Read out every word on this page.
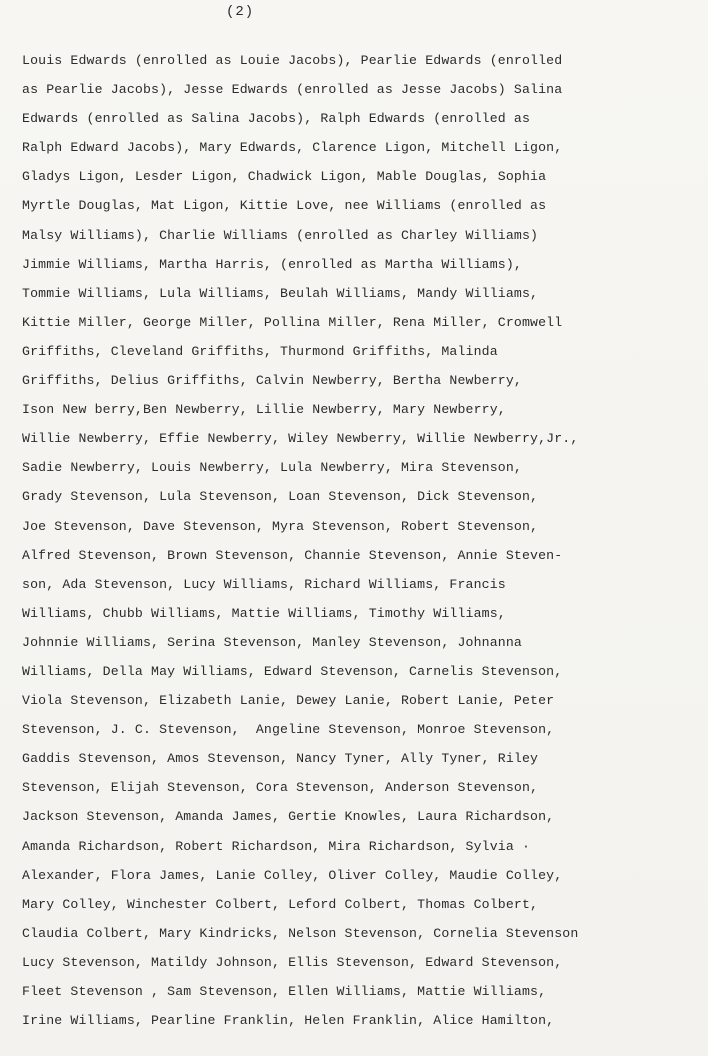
(2)
Louis Edwards (enrolled as Louie Jacobs), Pearlie Edwards (enrolled
as Pearlie Jacobs), Jesse Edwards (enrolled as Jesse Jacobs) Salina
Edwards (enrolled as Salina Jacobs), Ralph Edwards (enrolled as
Ralph Edward Jacobs), Mary Edwards, Clarence Ligon, Mitchell Ligon,
Gladys Ligon, Lesder Ligon, Chadwick Ligon, Mable Douglas, Sophia
Myrtle Douglas, Mat Ligon, Kittie Love, nee Williams (enrolled as
Malsy Williams), Charlie Williams (enrolled as Charley Williams)
Jimmie Williams, Martha Harris, (enrolled as Martha Williams),
Tommie Williams, Lula Williams, Beulah Williams, Mandy Williams,
Kittie Miller, George Miller, Pollina Miller, Rena Miller, Cromwell
Griffiths, Cleveland Griffiths, Thurmond Griffiths, Malinda
Griffiths, Delius Griffiths, Calvin Newberry, Bertha Newberry,
Ison New berry,Ben Newberry, Lillie Newberry, Mary Newberry,
Willie Newberry, Effie Newberry, Wiley Newberry, Willie Newberry,Jr.,
Sadie Newberry, Louis Newberry, Lula Newberry, Mira Stevenson,
Grady Stevenson, Lula Stevenson, Loan Stevenson, Dick Stevenson,
Joe Stevenson, Dave Stevenson, Myra Stevenson, Robert Stevenson,
Alfred Stevenson, Brown Stevenson, Channie Stevenson, Annie Steven-
son, Ada Stevenson, Lucy Williams, Richard Williams, Francis
Williams, Chubb Williams, Mattie Williams, Timothy Williams,
Johnnie Williams, Serina Stevenson, Manley Stevenson, Johnanna
Williams, Della May Williams, Edward Stevenson, Carnelis Stevenson,
Viola Stevenson, Elizabeth Lanie, Dewey Lanie, Robert Lanie, Peter
Stevenson, J. C. Stevenson,  Angeline Stevenson, Monroe Stevenson,
Gaddis Stevenson, Amos Stevenson, Nancy Tyner, Ally Tyner, Riley
Stevenson, Elijah Stevenson, Cora Stevenson, Anderson Stevenson,
Jackson Stevenson, Amanda James, Gertie Knowles, Laura Richardson,
Amanda Richardson, Robert Richardson, Mira Richardson, Sylvia ·
Alexander, Flora James, Lanie Colley, Oliver Colley, Maudie Colley,
Mary Colley, Winchester Colbert, Leford Colbert, Thomas Colbert,
Claudia Colbert, Mary Kindricks, Nelson Stevenson, Cornelia Stevenson
Lucy Stevenson, Matildy Johnson, Ellis Stevenson, Edward Stevenson,
Fleet Stevenson , Sam Stevenson, Ellen Williams, Mattie Williams,
Irine Williams, Pearline Franklin, Helen Franklin, Alice Hamilton,
